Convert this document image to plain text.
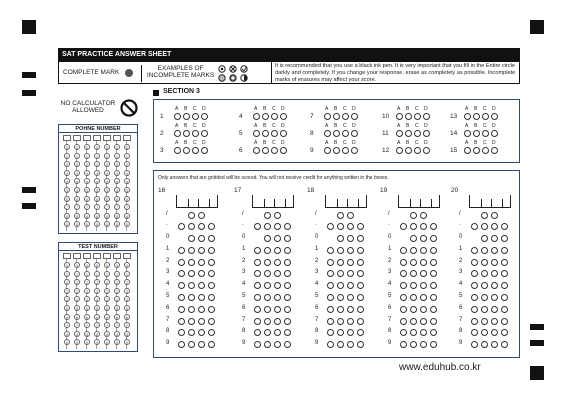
SAT PRACTICE ANSWER SHEET
COMPLETE MARK
EXAMPLES OF
INCOMPLETE MARKS
It is recommended that you use a black ink pen. It is very important that you fill in the Entire circle darkly and completely. If you change your response, erase as completely as possible. Incomplete marks of erasures may affect your score.
SECTION 3
NO CALCULATOR
ALLOWED
POHNE NUMBER
0
1
2
3
4
5
6
7
8
9
0
1
2
3
4
5
6
7
8
9
0
1
2
3
4
5
6
7
8
9
0
1
2
3
4
5
6
7
8
9
0
1
2
3
4
5
6
7
8
9
0
1
2
3
4
5
6
7
8
9
0
1
2
3
4
5
6
7
8
9
TEST NUMBER
0
1
2
3
4
5
6
7
8
9
0
1
2
3
4
5
6
7
8
9
0
1
2
3
4
5
6
7
8
9
0
1
2
3
4
5
6
7
8
9
0
1
2
3
4
5
6
7
8
9
0
1
2
3
4
5
6
7
8
9
0
1
2
3
4
5
6
7
8
9
1
A B C D
2
A B C D
3
A B C D
4
A B C D
5
A B C D
6
A B C D
7
A B C D
8
A B C D
9
A B C D
10
A B C D
11
A B C D
12
A B C D
13
A B C D
14
A B C D
15
A B C D
Only answers that are gridded will be scored. You will not receive credit for anything written in the boxes.
16
/
.
0
1
2
3
4
5
6
7
8
9
17
/
.
0
1
2
3
4
5
6
7
8
9
18
/
.
0
1
2
3
4
5
6
7
8
9
19
/
.
0
1
2
3
4
5
6
7
8
9
20
/
.
0
1
2
3
4
5
6
7
8
9
www.eduhub.co.kr
